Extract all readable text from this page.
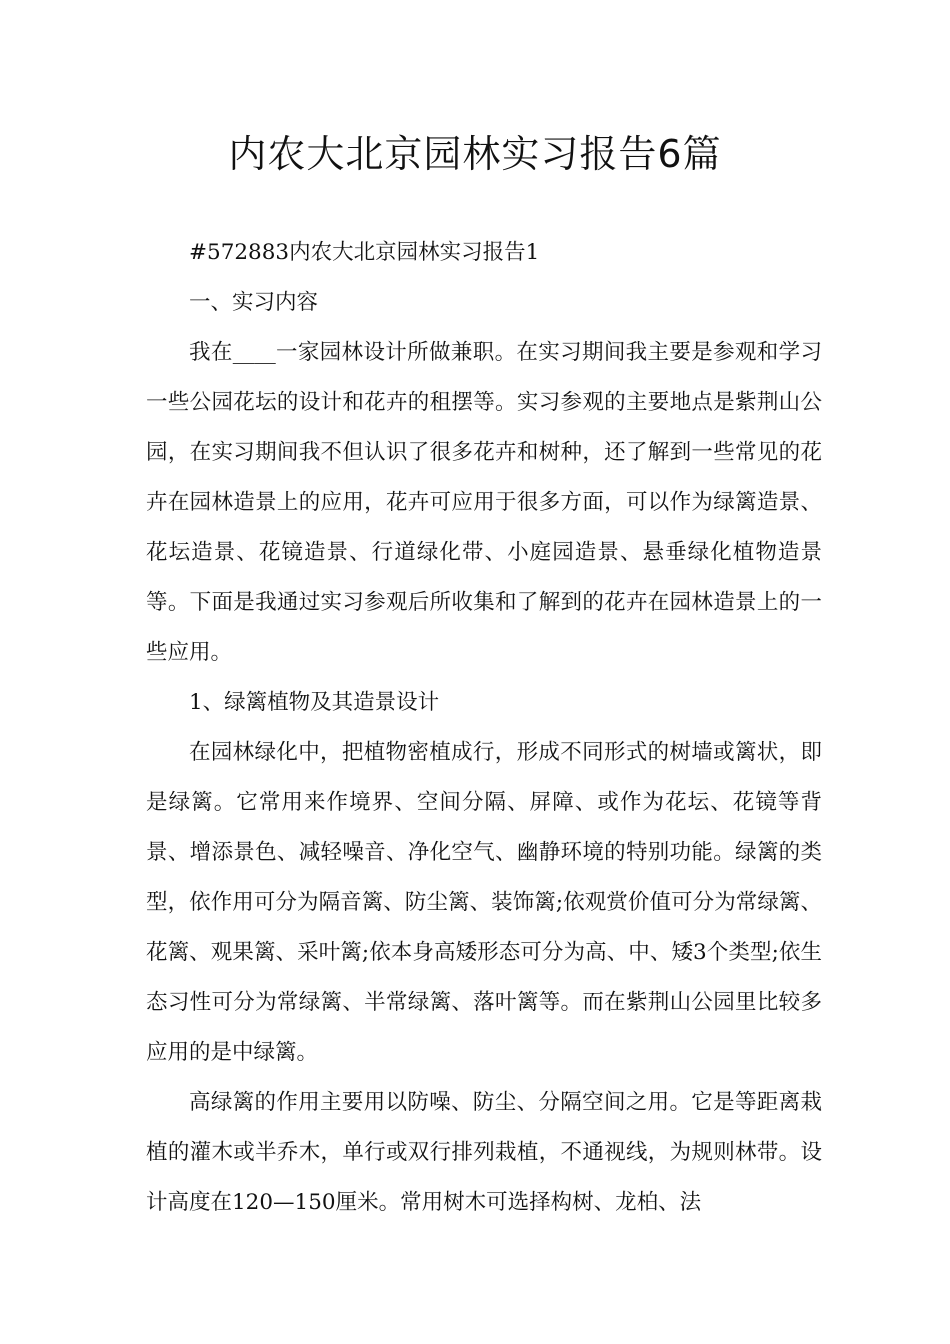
内农大北京园林实习报告6篇

#572883内农大北京园林实习报告1

一、实习内容

我在____一家园林设计所做兼职。在实习期间我主要是参观和学习一些公园花坛的设计和花卉的租摆等。实习参观的主要地点是紫荆山公园，在实习期间我不但认识了很多花卉和树种，还了解到一些常见的花卉在园林造景上的应用，花卉可应用于很多方面，可以作为绿篱造景、花坛造景、花镜造景、行道绿化带、小庭园造景、悬垂绿化植物造景等。下面是我通过实习参观后所收集和了解到的花卉在园林造景上的一些应用。

1、绿篱植物及其造景设计

在园林绿化中，把植物密植成行，形成不同形式的树墙或篱状，即是绿篱。它常用来作境界、空间分隔、屏障、或作为花坛、花镜等背景、增添景色、减轻噪音、净化空气、幽静环境的特别功能。绿篱的类型，依作用可分为隔音篱、防尘篱、装饰篱;依观赏价值可分为常绿篱、花篱、观果篱、采叶篱;依本身高矮形态可分为高、中、矮3个类型;依生态习性可分为常绿篱、半常绿篱、落叶篱等。而在紫荆山公园里比较多应用的是中绿篱。

高绿篱的作用主要用以防噪、防尘、分隔空间之用。它是等距离栽植的灌木或半乔木，单行或双行排列栽植，不通视线，为规则林带。设计高度在120—150厘米。常用树木可选择构树、龙柏、法
